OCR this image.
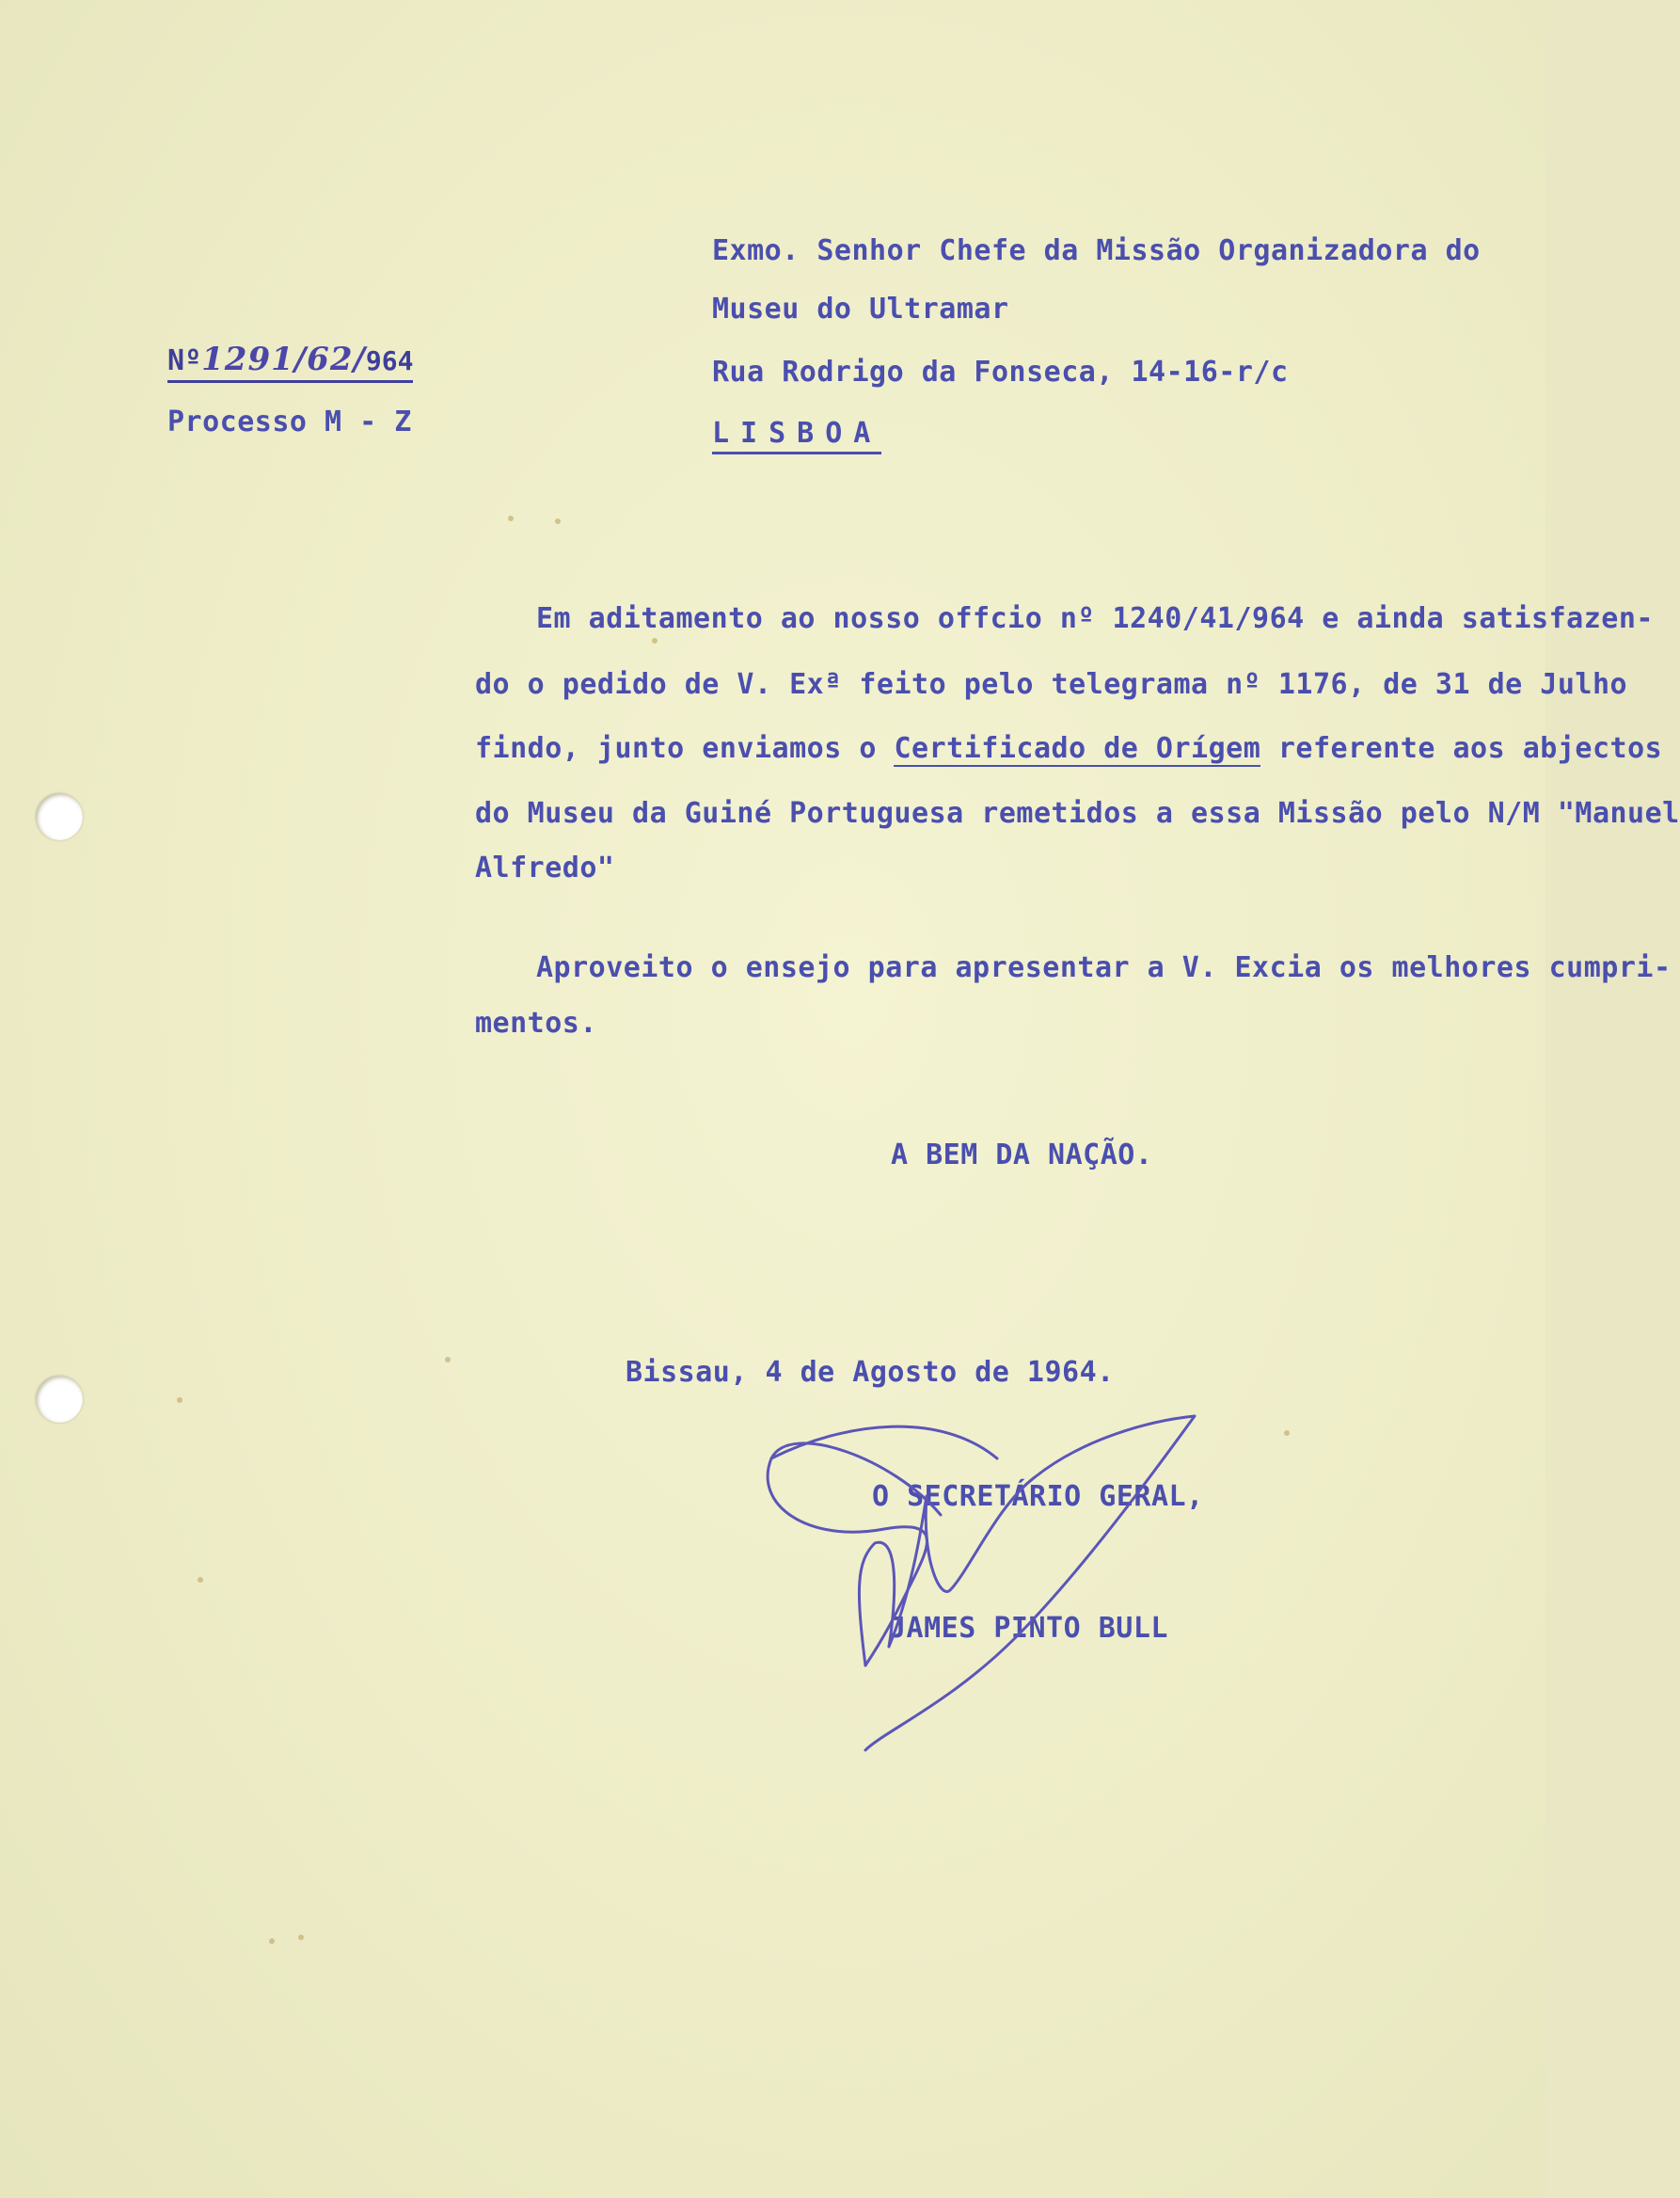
Nº1291/62/964
Processo M - Z
Exmo. Senhor Chefe da Missão Organizadora do
Museu do Ultramar
Rua Rodrigo da Fonseca, 14-16-r/c
LISBOA
Em aditamento ao nosso offcio nº 1240/41/964 e ainda satisfazen-
do o pedido de V. Exª feito pelo telegrama nº 1176, de 31 de Julho
findo, junto enviamos o Certificado de Orígem referente aos abjectos
do Museu da Guiné Portuguesa remetidos a essa Missão pelo N/M "Manuel
Alfredo"
Aproveito o ensejo para apresentar a V. Excia os melhores cumpri-
mentos.
A BEM DA NAÇÃO.
Bissau, 4 de Agosto de 1964.
O SECRETÁRIO GERAL,
JAMES PINTO BULL
